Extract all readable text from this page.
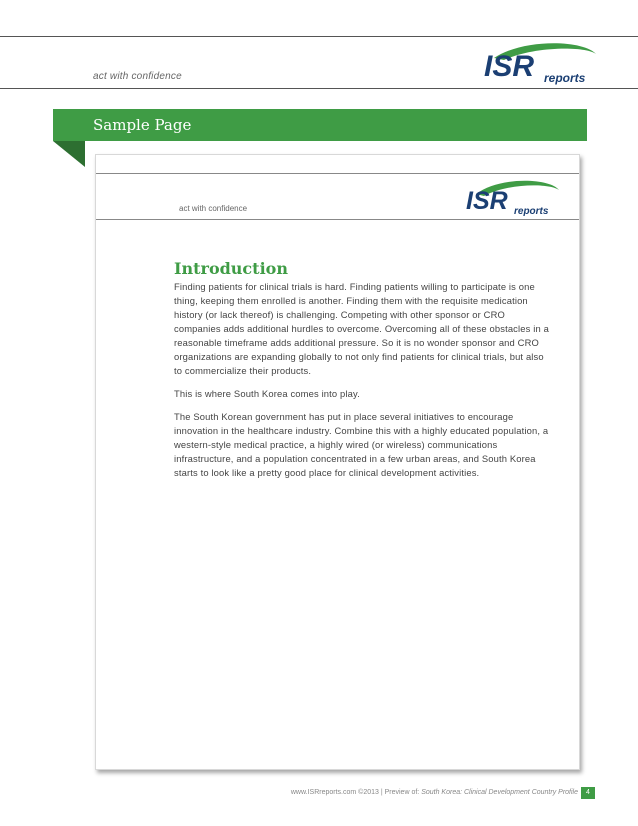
act with confidence	ISR reports
Sample Page
act with confidence
Introduction

Finding patients for clinical trials is hard. Finding patients willing to participate is one thing, keeping them enrolled is another. Finding them with the requisite medication history (or lack thereof) is challenging. Competing with other sponsor or CRO companies adds additional hurdles to overcome. Overcoming all of these obstacles in a reasonable timeframe adds additional pressure. So it is no wonder sponsor and CRO organizations are expanding globally to not only find patients for clinical trials, but also to commercialize their products.

This is where South Korea comes into play.

The South Korean government has put in place several initiatives to encourage innovation in the healthcare industry. Combine this with a highly educated population, a western-style medical practice, a highly wired (or wireless) communications infrastructure, and a population concentrated in a few urban areas, and South Korea starts to look like a pretty good place for clinical development activities.

ISR reports
www.ISRreports.com ©2013 | Preview of: South Korea: Clinical Development Country Profile	4
